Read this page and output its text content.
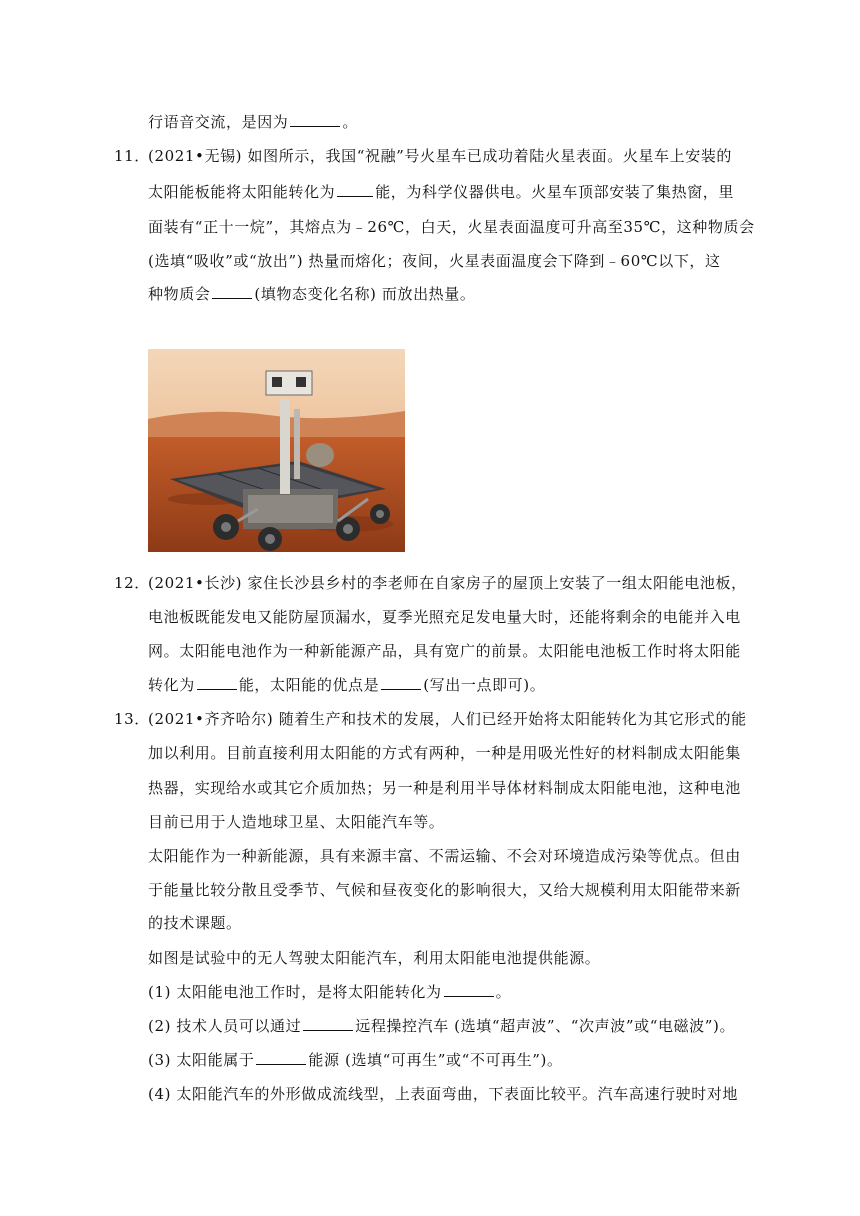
行语音交流，是因为	。
11．
(2021•无锡) 如图所示，我国“祝融”号火星车已成功着陆火星表面。火星车上安装的
太阳能板能将太阳能转化为	能，为科学仪器供电。火星车顶部安装了集热窗，里
面装有“正十一烷”，其熔点为﹣26℃，白天，火星表面温度可升高至35℃，这种物质会
(选填“吸收”或“放出”) 热量而熔化；夜间，火星表面温度会下降到﹣60℃以下，这
种物质会	(填物态变化名称) 而放出热量。
12．
(2021•长沙) 家住长沙县乡村的李老师在自家房子的屋顶上安装了一组太阳能电池板，
电池板既能发电又能防屋顶漏水，夏季光照充足发电量大时，还能将剩余的电能并入电
网。太阳能电池作为一种新能源产品，具有宽广的前景。太阳能电池板工作时将太阳能
转化为	能，太阳能的优点是	(写出一点即可)。
13．
(2021•齐齐哈尔) 随着生产和技术的发展，人们已经开始将太阳能转化为其它形式的能
加以利用。目前直接利用太阳能的方式有两种，一种是用吸光性好的材料制成太阳能集
热器，实现给水或其它介质加热；另一种是利用半导体材料制成太阳能电池，这种电池
目前已用于人造地球卫星、太阳能汽车等。
太阳能作为一种新能源，具有来源丰富、不需运输、不会对环境造成污染等优点。但由
于能量比较分散且受季节、气候和昼夜变化的影响很大，又给大规模利用太阳能带来新
的技术课题。
如图是试验中的无人驾驶太阳能汽车，利用太阳能电池提供能源。
(1) 太阳能电池工作时，是将太阳能转化为	。
(2) 技术人员可以通过	远程操控汽车 (选填“超声波”、“次声波”或“电磁波”)。
(3) 太阳能属于	能源 (选填“可再生”或“不可再生”)。
(4) 太阳能汽车的外形做成流线型，上表面弯曲，下表面比较平。汽车高速行驶时对地
